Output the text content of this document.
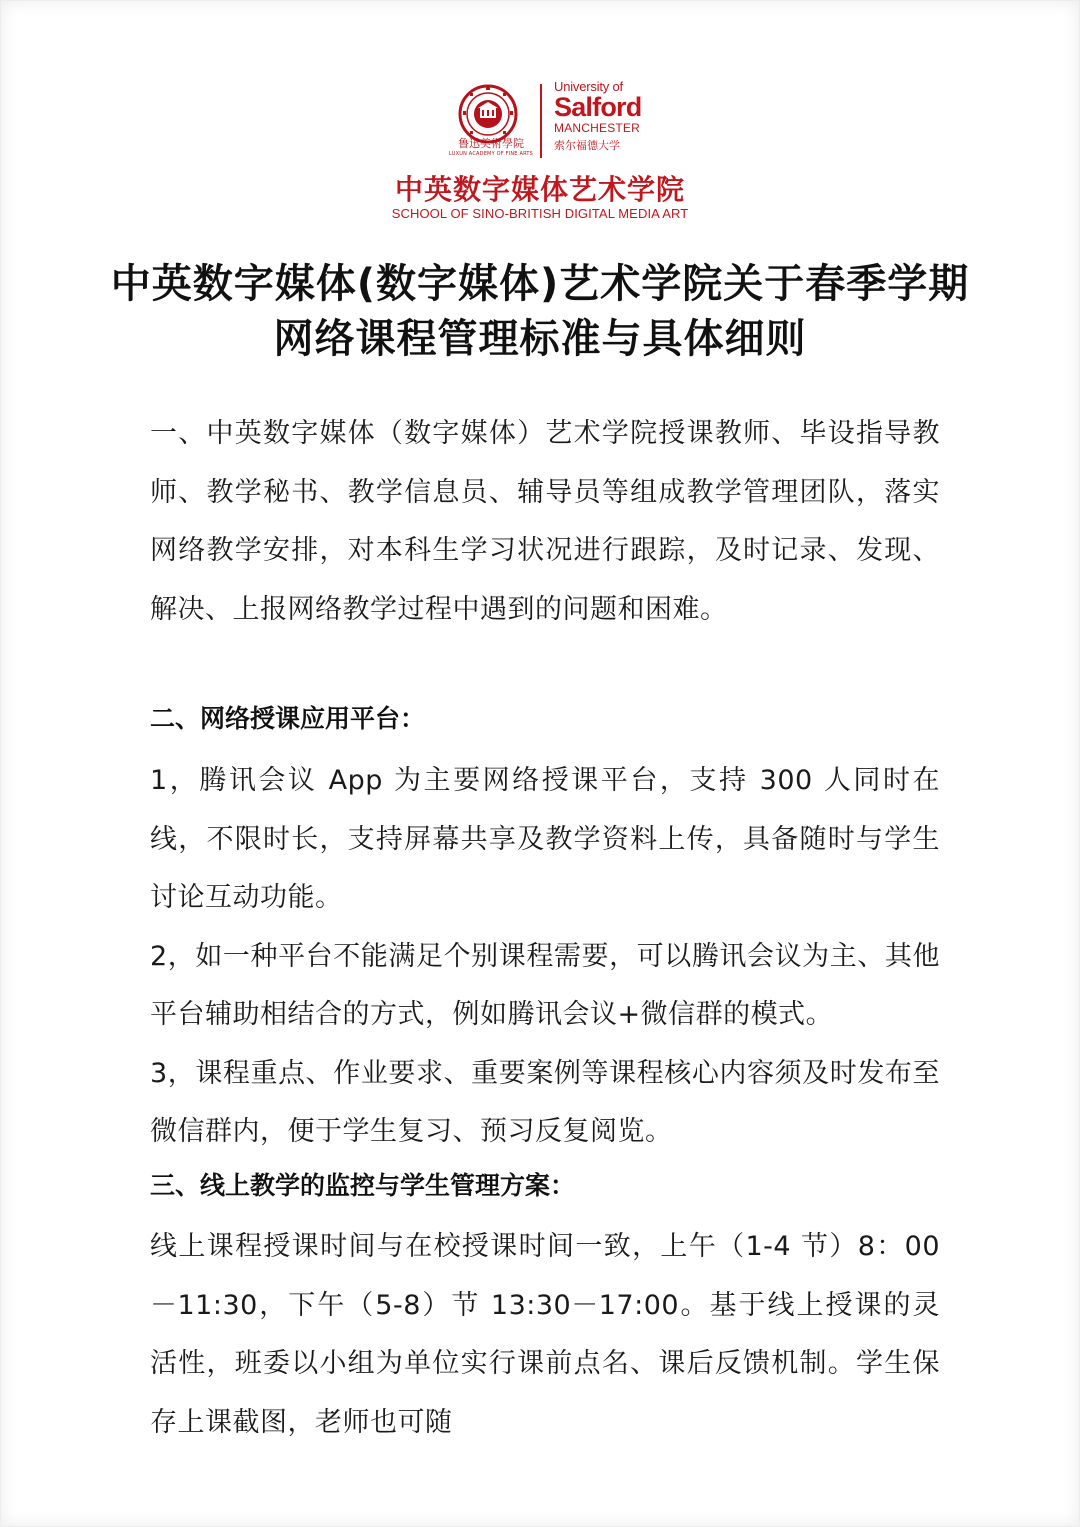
鲁迅美術學院
LUXUN ACADEMY OF FINE ARTS
University of
Salford
MANCHESTER
索尔福德大学
中英数字媒体艺术学院
SCHOOL OF SINO-BRITISH DIGITAL MEDIA ART
中英数字媒体(数字媒体)艺术学院关于春季学期网络课程管理标准与具体细则
一、中英数字媒体（数字媒体）艺术学院授课教师、毕设指导教师、教学秘书、教学信息员、辅导员等组成教学管理团队，落实网络教学安排，对本科生学习状况进行跟踪，及时记录、发现、解决、上报网络教学过程中遇到的问题和困难。
二、网络授课应用平台：
1，腾讯会议 App 为主要网络授课平台，支持 300 人同时在线，不限时长，支持屏幕共享及教学资料上传，具备随时与学生讨论互动功能。
2，如一种平台不能满足个别课程需要，可以腾讯会议为主、其他平台辅助相结合的方式，例如腾讯会议+微信群的模式。
3，课程重点、作业要求、重要案例等课程核心内容须及时发布至微信群内，便于学生复习、预习反复阅览。
三、线上教学的监控与学生管理方案：
线上课程授课时间与在校授课时间一致，上午（1-4 节）8：00－11:30，下午（5-8）节 13:30－17:00。基于线上授课的灵活性，班委以小组为单位实行课前点名、课后反馈机制。学生保存上课截图，老师也可随
